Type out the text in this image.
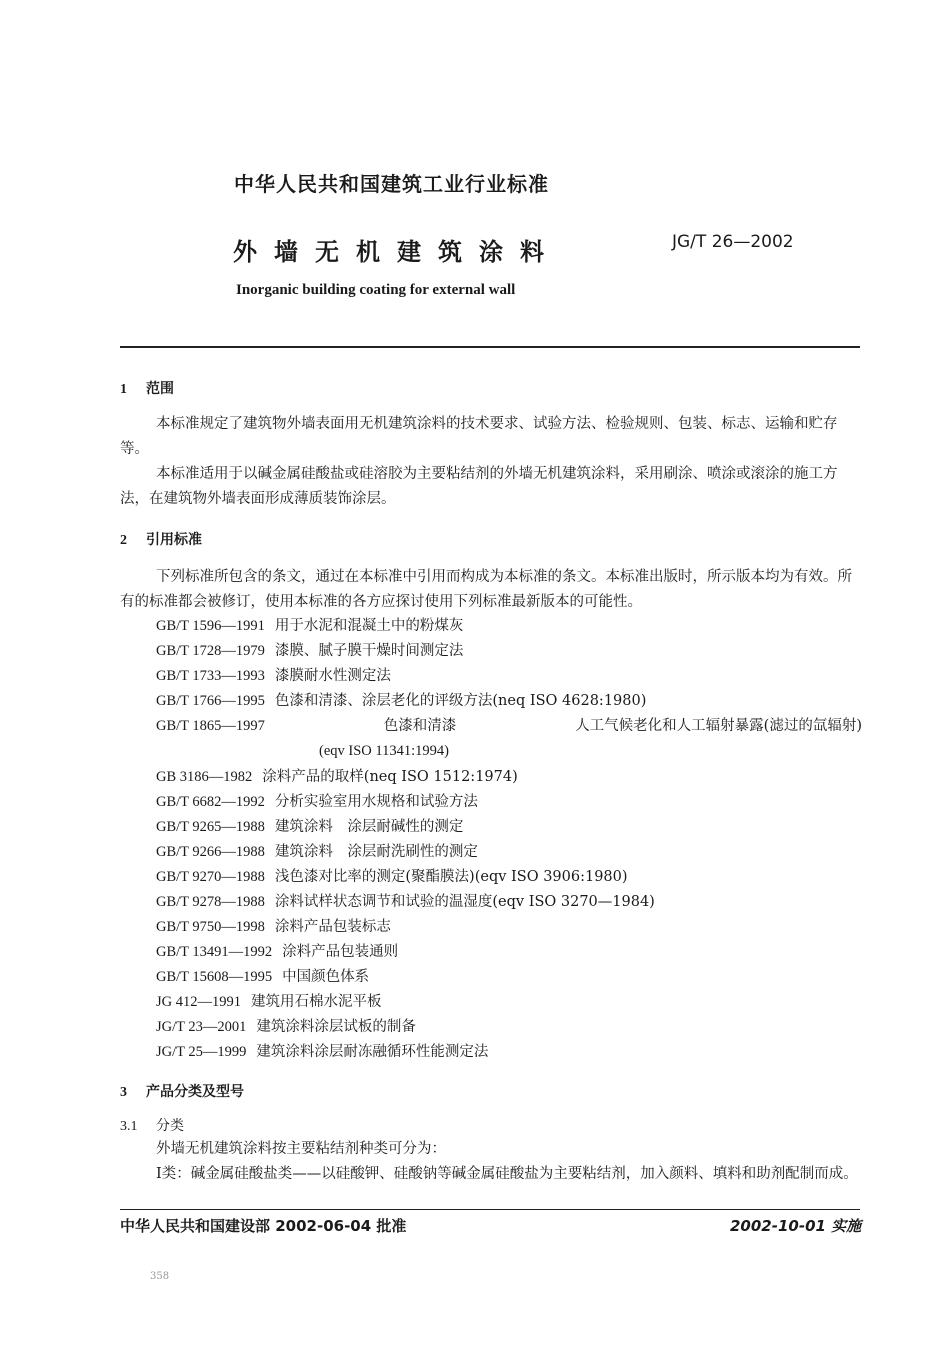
中华人民共和国建筑工业行业标准
外墙无机建筑涂料	JG/T 26—2002
Inorganic building coating for external wall
1 范围
本标准规定了建筑物外墙表面用无机建筑涂料的技术要求、试验方法、检验规则、包装、标志、运输和贮存等。
本标准适用于以碱金属硅酸盐或硅溶胶为主要粘结剂的外墙无机建筑涂料，采用刷涂、喷涂或滚涂的施工方法，在建筑物外墙表面形成薄质装饰涂层。
2 引用标准
下列标准所包含的条文，通过在本标准中引用而构成为本标准的条文。本标准出版时，所示版本均为有效。所有的标准都会被修订，使用本标准的各方应探讨使用下列标准最新版本的可能性。
GB/T 1596—1991 用于水泥和混凝土中的粉煤灰
GB/T 1728—1979 漆膜、腻子膜干燥时间测定法
GB/T 1733—1993 漆膜耐水性测定法
GB/T 1766—1995 色漆和清漆、涂层老化的评级方法(neq ISO 4628:1980)
GB/T 1865—1997	色漆和清漆	人工气候老化和人工辐射暴露(滤过的氙辐射)
(eqv ISO 11341:1994)
GB 3186—1982 涂料产品的取样(neq ISO 1512:1974)
GB/T 6682—1992 分析实验室用水规格和试验方法
GB/T 9265—1988 建筑涂料　涂层耐碱性的测定
GB/T 9266—1988 建筑涂料　涂层耐洗刷性的测定
GB/T 9270—1988 浅色漆对比率的测定(聚酯膜法)(eqv ISO 3906:1980)
GB/T 9278—1988 涂料试样状态调节和试验的温湿度(eqv ISO 3270—1984)
GB/T 9750—1998 涂料产品包装标志
GB/T 13491—1992 涂料产品包装通则
GB/T 15608—1995 中国颜色体系
JG 412—1991 建筑用石棉水泥平板
JG/T 23—2001 建筑涂料涂层试板的制备
JG/T 25—1999 建筑涂料涂层耐冻融循环性能测定法
3 产品分类及型号
3.1 分类
外墙无机建筑涂料按主要粘结剂种类可分为：
Ⅰ类：碱金属硅酸盐类——以硅酸钾、硅酸钠等碱金属硅酸盐为主要粘结剂，加入颜料、填料和助剂配制而成。
中华人民共和国建设部 2002-06-04 批准	2002-10-01 实施
358
